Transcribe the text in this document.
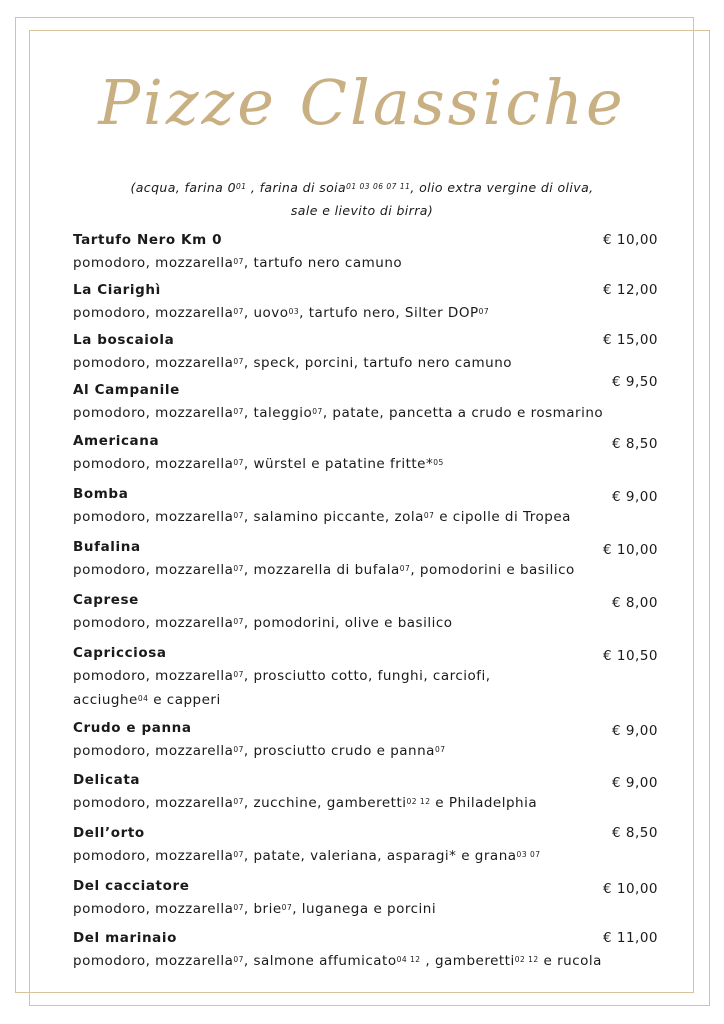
Pizze Classiche
(acqua, farina $0^{01}$ , farina di soia$^{01 03 06 07 11}$, olio extra vergine di oliva,
sale e lievito di birra)
Tartufo Nero Km 0	€ 10,00
pomodoro, mozzarella$^{07}$, tartufo nero camuno
La Ciarighì	€ 12,00
pomodoro, mozzarella$^{07}$, uovo$^{03}$, tartufo nero, Silter DOP$^{07}$
La boscaiola	€ 15,00
pomodoro, mozzarella$^{07}$, speck, porcini, tartufo nero camuno
Al Campanile	€ 9,50
pomodoro, mozzarella$^{07}$, taleggio$^{07}$, patate, pancetta a crudo e rosmarino
Americana	€ 8,50
pomodoro, mozzarella$^{07}$, würstel e patatine fritte*$^{05}$
Bomba	€ 9,00
pomodoro, mozzarella$^{07}$, salamino piccante, zola$^{07}$ e cipolle di Tropea
Bufalina	€ 10,00
pomodoro, mozzarella$^{07}$, mozzarella di bufala$^{07}$, pomodorini e basilico
Caprese	€ 8,00
pomodoro, mozzarella$^{07}$, pomodorini, olive e basilico
Capricciosa	€ 10,50
pomodoro, mozzarella$^{07}$, prosciutto cotto, funghi, carciofi,
acciughe$^{04}$ e capperi
Crudo e panna	€ 9,00
pomodoro, mozzarella$^{07}$, prosciutto crudo e panna$^{07}$
Delicata	€ 9,00
pomodoro, mozzarella$^{07}$, zucchine, gamberetti$^{02 12}$ e Philadelphia
Dell’orto	€ 8,50
pomodoro, mozzarella$^{07}$, patate, valeriana, asparagi* e grana$^{03 07}$
Del cacciatore	€ 10,00
pomodoro, mozzarella$^{07}$, brie$^{07}$, luganega e porcini
Del marinaio	€ 11,00
pomodoro, mozzarella$^{07}$, salmone affumicato$^{04 12}$ , gamberetti$^{02 12}$ e rucola
